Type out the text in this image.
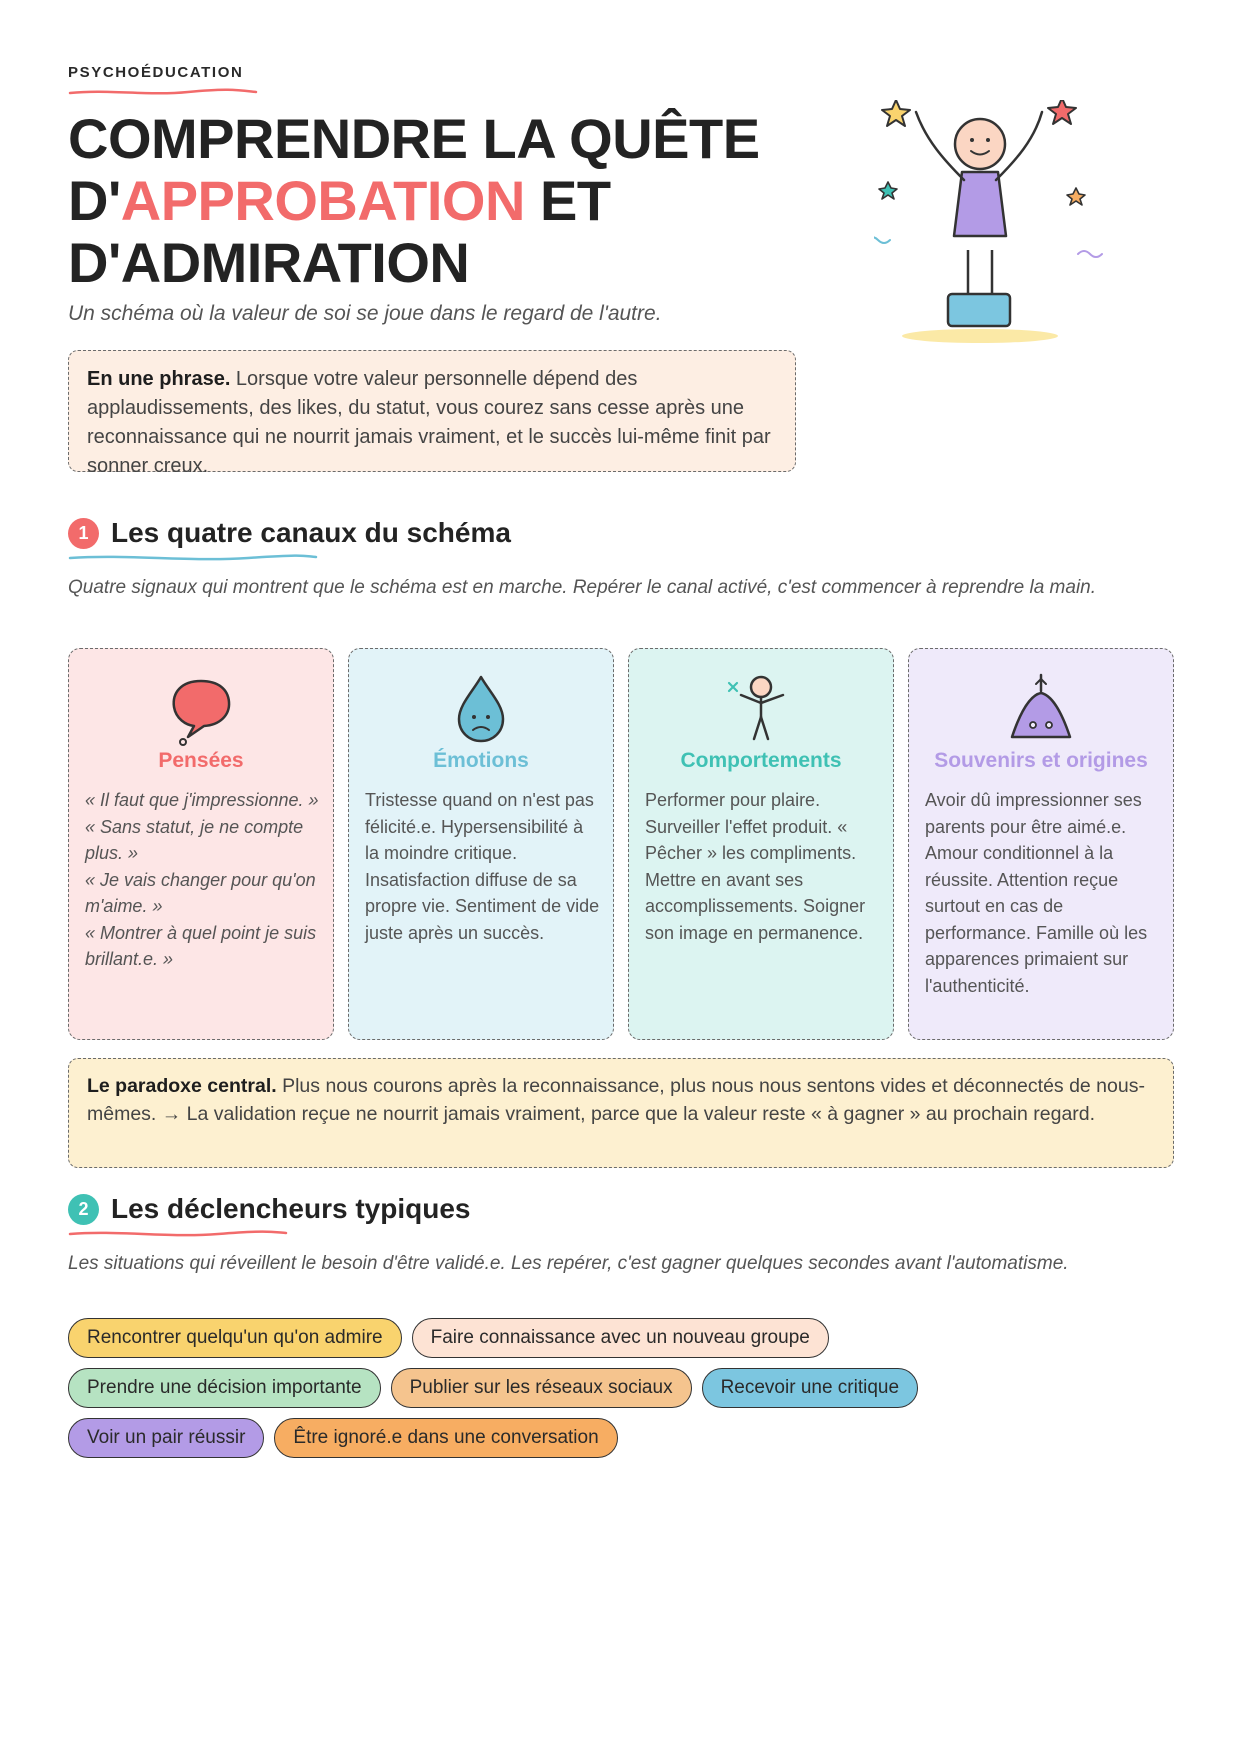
PSYCHOÉDUCATION
COMPRENDRE LA QUÊTE D'APPROBATION ET D'ADMIRATION
Un schéma où la valeur de soi se joue dans le regard de l'autre.
En une phrase. Lorsque votre valeur personnelle dépend des applaudissements, des likes, du statut, vous courez sans cesse après une reconnaissance qui ne nourrit jamais vraiment, et le succès lui-même finit par sonner creux.
1 Les quatre canaux du schéma
Quatre signaux qui montrent que le schéma est en marche. Repérer le canal activé, c'est commencer à reprendre la main.
Pensées

« Il faut que j'impressionne. »

« Sans statut, je ne compte plus. »

« Je vais changer pour qu'on m'aime. »

« Montrer à quel point je suis brillant.e. »

Émotions
Tristesse quand on n'est pas félicité.e. Hypersensibilité à la moindre critique. Insatisfaction diffuse de sa propre vie. Sentiment de vide juste après un succès.
Comportements
Performer pour plaire. Surveiller l'effet produit. « Pêcher » les compliments. Mettre en avant ses accomplissements. Soigner son image en permanence.
Souvenirs et origines
Avoir dû impressionner ses parents pour être aimé.e. Amour conditionnel à la réussite. Attention reçue surtout en cas de performance. Famille où les apparences primaient sur l'authenticité.
Le paradoxe central. Plus nous courons après la reconnaissance, plus nous nous sentons vides et déconnectés de nous-mêmes. → La validation reçue ne nourrit jamais vraiment, parce que la valeur reste « à gagner » au prochain regard.
2 Les déclencheurs typiques
Les situations qui réveillent le besoin d'être validé.e. Les repérer, c'est gagner quelques secondes avant l'automatisme.
Rencontrer quelqu'un qu'on admire	Faire connaissance avec un nouveau groupe
Prendre une décision importante	Publier sur les réseaux sociaux	Recevoir une critique
Voir un pair réussir	Être ignoré.e dans une conversation
